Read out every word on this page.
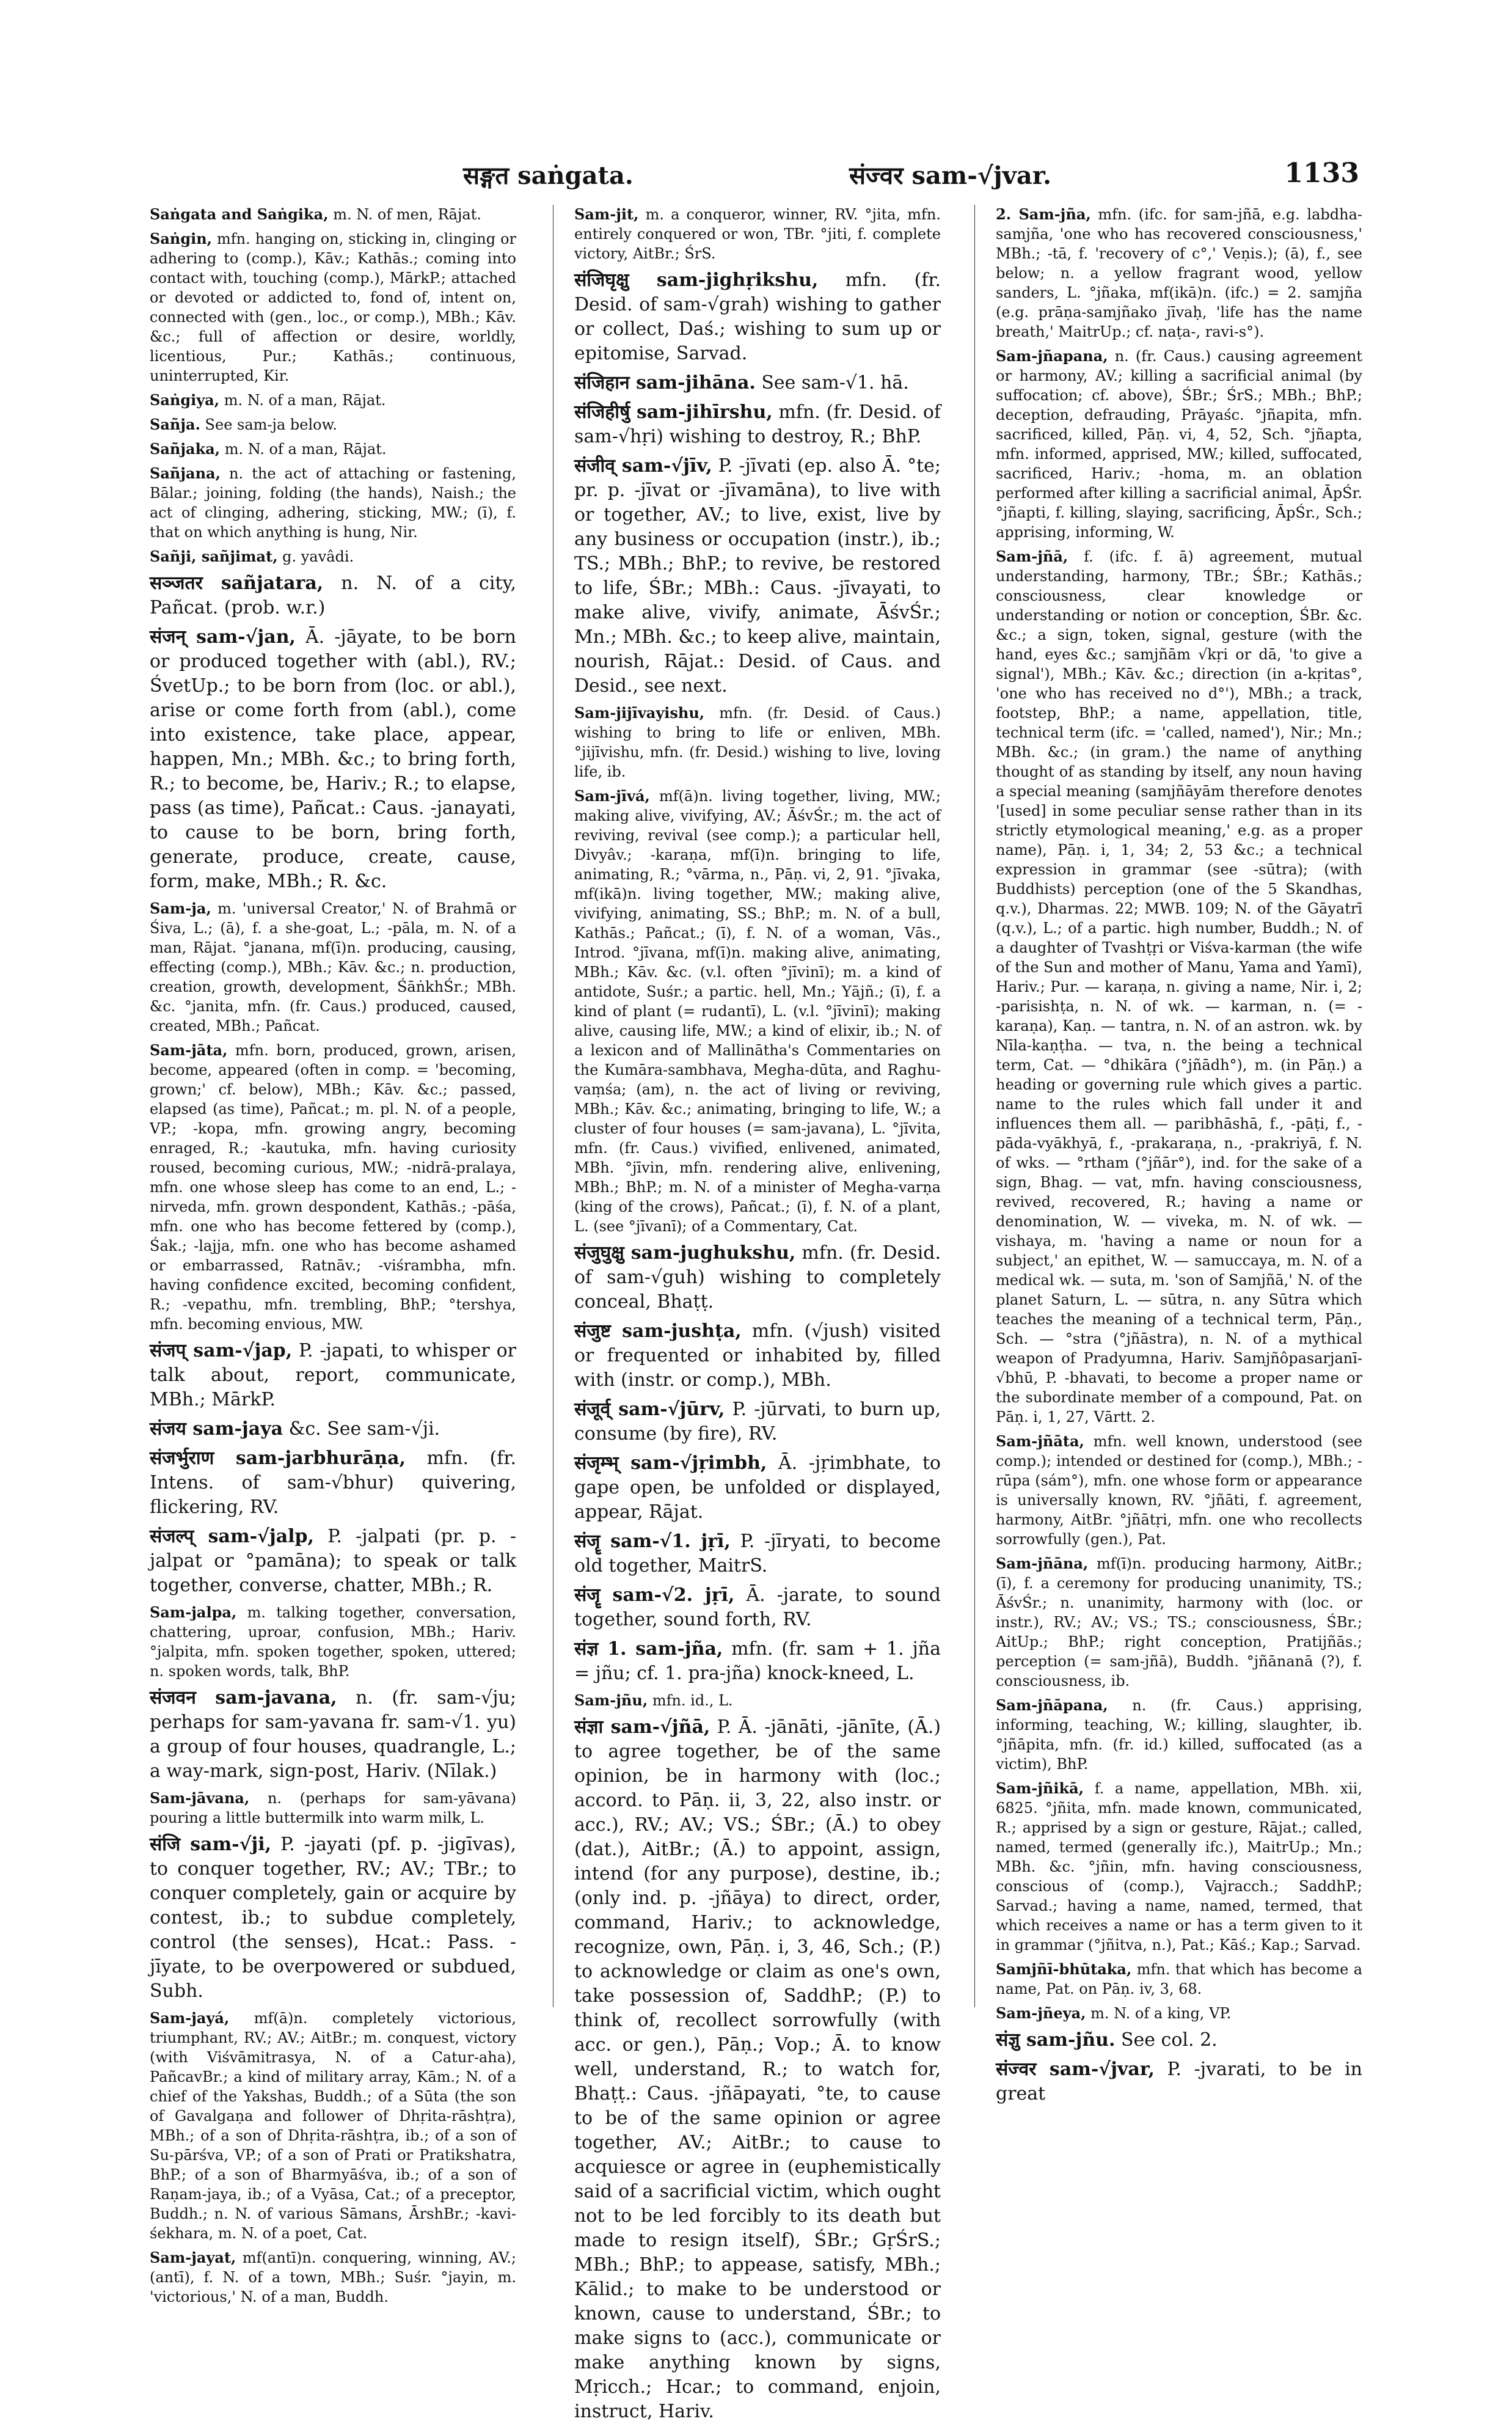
सङ्गत saṅgata.	संज्वर sam-√jvar.	1133

Saṅgata and Saṅgika, m. N. of men, Rājat.

Saṅgin, mfn. hanging on, sticking in, clinging or adhering to (comp.), Kāv.; Kathās.; coming into contact with, touching (comp.), MārkP.; attached or devoted or addicted to, fond of, intent on, connected with (gen., loc., or comp.), MBh.; Kāv. &c.; full of affection or desire, worldly, licentious, Pur.; Kathās.; continuous, uninterrupted, Kir.

Saṅgiya, m. N. of a man, Rājat.

Sañja. See sam-ja below.

Sañjaka, m. N. of a man, Rājat.

Sañjana, n. the act of attaching or fastening, Bālar.; joining, folding (the hands), Naish.; the act of clinging, adhering, sticking, MW.; (ī), f. that on which anything is hung, Nir.

Sañji, sañjimat, g. yavâdi.

सञ्जतर sañjatara, n. N. of a city, Pañcat. (prob. w.r.)

संजन् sam-√jan, Ā. -jāyate, to be born or produced together with (abl.), RV.; ŚvetUp.; to be born from (loc. or abl.), arise or come forth from (abl.), come into existence, take place, appear, happen, Mn.; MBh. &c.; to bring forth, R.; to become, be, Hariv.; R.; to elapse, pass (as time), Pañcat.: Caus. -janayati, to cause to be born, bring forth, generate, produce, create, cause, form, make, MBh.; R. &c.

Sam-ja, m. 'universal Creator,' N. of Brahmā or Śiva, L.; (ā), f. a she-goat, L.; -pāla, m. N. of a man, Rājat. °janana, mf(ī)n. producing, causing, effecting (comp.), MBh.; Kāv. &c.; n. production, creation, growth, development, ŚāṅkhŚr.; MBh. &c. °janita, mfn. (fr. Caus.) produced, caused, created, MBh.; Pañcat.

Sam-jāta, mfn. born, produced, grown, arisen, become, appeared (often in comp. = 'becoming, grown;' cf. below), MBh.; Kāv. &c.; passed, elapsed (as time), Pañcat.; m. pl. N. of a people, VP.; -kopa, mfn. growing angry, becoming enraged, R.; -kautuka, mfn. having curiosity roused, becoming curious, MW.; -nidrā-pralaya, mfn. one whose sleep has come to an end, L.; -nirveda, mfn. grown despondent, Kathās.; -pāśa, mfn. one who has become fettered by (comp.), Śak.; -lajja, mfn. one who has become ashamed or embarrassed, Ratnāv.; -viśrambha, mfn. having confidence excited, becoming confident, R.; -vepathu, mfn. trembling, BhP.; °tershya, mfn. becoming envious, MW.

संजप् sam-√jap, P. -japati, to whisper or talk about, report, communicate, MBh.; MārkP.

संजय sam-jaya &c. See sam-√ji.

संजर्भुराण sam-jarbhurāṇa, mfn. (fr. Intens. of sam-√bhur) quivering, flickering, RV.

संजल्प् sam-√jalp, P. -jalpati (pr. p. -jalpat or °pamāna); to speak or talk together, converse, chatter, MBh.; R.

Sam-jalpa, m. talking together, conversation, chattering, uproar, confusion, MBh.; Hariv. °jalpita, mfn. spoken together, spoken, uttered; n. spoken words, talk, BhP.

संजवन sam-javana, n. (fr. sam-√ju; perhaps for sam-yavana fr. sam-√1. yu) a group of four houses, quadrangle, L.; a way-mark, sign-post, Hariv. (Nīlak.)

Sam-jāvana, n. (perhaps for sam-yāvana) pouring a little buttermilk into warm milk, L.

संजि sam-√ji, P. -jayati (pf. p. -jigīvas), to conquer together, RV.; AV.; TBr.; to conquer completely, gain or acquire by contest, ib.; to subdue completely, control (the senses), Hcat.: Pass. -jīyate, to be overpowered or subdued, Subh.

Sam-jayá, mf(ā)n. completely victorious, triumphant, RV.; AV.; AitBr.; m. conquest, victory (with Viśvāmitrasya, N. of a Catur-aha), PañcavBr.; a kind of military array, Kām.; N. of a chief of the Yakshas, Buddh.; of a Sūta (the son of Gavalgaṇa and follower of Dhṛita-rāshṭra), MBh.; of a son of Dhṛita-rāshṭra, ib.; of a son of Su-pārśva, VP.; of a son of Prati or Pratikshatra, BhP.; of a son of Bharmyāśva, ib.; of a son of Raṇam-jaya, ib.; of a Vyāsa, Cat.; of a preceptor, Buddh.; n. N. of various Sāmans, ĀrshBr.; -kavi-śekhara, m. N. of a poet, Cat.

Sam-jayat, mf(antī)n. conquering, winning, AV.; (antī), f. N. of a town, MBh.; Suśr. °jayin, m. 'victorious,' N. of a man, Buddh.

Sam-jit, m. a conqueror, winner, RV. °jita, mfn. entirely conquered or won, TBr. °jiti, f. complete victory, AitBr.; ŚrS.

संजिघृक्षु sam-jighṛikshu, mfn. (fr. Desid. of sam-√grah) wishing to gather or collect, Daś.; wishing to sum up or epitomise, Sarvad.

संजिहान sam-jihāna. See sam-√1. hā.

संजिहीर्षु sam-jihīrshu, mfn. (fr. Desid. of sam-√hṛi) wishing to destroy, R.; BhP.

संजीव् sam-√jīv, P. -jīvati (ep. also Ā. °te; pr. p. -jīvat or -jīvamāna), to live with or together, AV.; to live, exist, live by any business or occupation (instr.), ib.; TS.; MBh.; BhP.; to revive, be restored to life, ŚBr.; MBh.: Caus. -jīvayati, to make alive, vivify, animate, ĀśvŚr.; Mn.; MBh. &c.; to keep alive, maintain, nourish, Rājat.: Desid. of Caus. and Desid., see next.

Sam-jijīvayishu, mfn. (fr. Desid. of Caus.) wishing to bring to life or enliven, MBh. °jijīvishu, mfn. (fr. Desid.) wishing to live, loving life, ib.

Sam-jīvá, mf(ā)n. living together, living, MW.; making alive, vivifying, AV.; ĀśvŚr.; m. the act of reviving, revival (see comp.); a particular hell, Divyâv.; -karaṇa, mf(ī)n. bringing to life, animating, R.; °vārma, n., Pāṇ. vi, 2, 91. °jīvaka, mf(ikā)n. living together, MW.; making alive, vivifying, animating, SS.; BhP.; m. N. of a bull, Kathās.; Pañcat.; (ī), f. N. of a woman, Vās., Introd. °jīvana, mf(ī)n. making alive, animating, MBh.; Kāv. &c. (v.l. often °jīvinī); m. a kind of antidote, Suśr.; a partic. hell, Mn.; Yājñ.; (ī), f. a kind of plant (= rudantī), L. (v.l. °jīvinī); making alive, causing life, MW.; a kind of elixir, ib.; N. of a lexicon and of Mallinātha's Commentaries on the Kumāra-sambhava, Megha-dūta, and Raghu-vaṃśa; (am), n. the act of living or reviving, MBh.; Kāv. &c.; animating, bringing to life, W.; a cluster of four houses (= sam-javana), L. °jīvita, mfn. (fr. Caus.) vivified, enlivened, animated, MBh. °jīvin, mfn. rendering alive, enlivening, MBh.; BhP.; m. N. of a minister of Megha-varṇa (king of the crows), Pañcat.; (ī), f. N. of a plant, L. (see °jīvanī); of a Commentary, Cat.

संजुघुक्षु sam-jughukshu, mfn. (fr. Desid. of sam-√guh) wishing to completely conceal, Bhaṭṭ.

संजुष्ट sam-jushṭa, mfn. (√jush) visited or frequented or inhabited by, filled with (instr. or comp.), MBh.

संजूर्व् sam-√jūrv, P. -jūrvati, to burn up, consume (by fire), RV.

संजृम्भ् sam-√jṛimbh, Ā. -jṛimbhate, to gape open, be unfolded or displayed, appear, Rājat.

संजॄ sam-√1. jṛī, P. -jīryati, to become old together, MaitrS.

संजॄ sam-√2. jṛī, Ā. -jarate, to sound together, sound forth, RV.

संज्ञ 1. sam-jña, mfn. (fr. sam + 1. jña = jñu; cf. 1. pra-jña) knock-kneed, L.

Sam-jñu, mfn. id., L.

संज्ञा sam-√jñā, P. Ā. -jānāti, -jānīte, (Ā.) to agree together, be of the same opinion, be in harmony with (loc.; accord. to Pāṇ. ii, 3, 22, also instr. or acc.), RV.; AV.; VS.; ŚBr.; (Ā.) to obey (dat.), AitBr.; (Ā.) to appoint, assign, intend (for any purpose), destine, ib.; (only ind. p. -jñāya) to direct, order, command, Hariv.; to acknowledge, recognize, own, Pāṇ. i, 3, 46, Sch.; (P.) to acknowledge or claim as one's own, take possession of, SaddhP.; (P.) to think of, recollect sorrowfully (with acc. or gen.), Pāṇ.; Vop.; Ā. to know well, understand, R.; to watch for, Bhaṭṭ.: Caus. -jñāpayati, °te, to cause to be of the same opinion or agree together, AV.; AitBr.; to cause to acquiesce or agree in (euphemistically said of a sacrificial victim, which ought not to be led forcibly to its death but made to resign itself), ŚBr.; GṛŚrS.; MBh.; BhP.; to appease, satisfy, MBh.; Kālid.; to make to be understood or known, cause to understand, ŚBr.; to make signs to (acc.), communicate or make anything known by signs, Mṛicch.; Hcar.; to command, enjoin, instruct, Hariv.

2. Sam-jña, mfn. (ifc. for sam-jñā, e.g. labdha-samjña, 'one who has recovered consciousness,' MBh.; -tā, f. 'recovery of c°,' Veṇis.); (ā), f., see below; n. a yellow fragrant wood, yellow sanders, L. °jñaka, mf(ikā)n. (ifc.) = 2. samjña (e.g. prāṇa-samjñako jīvaḥ, 'life has the name breath,' MaitrUp.; cf. naṭa-, ravi-s°).

Sam-jñapana, n. (fr. Caus.) causing agreement or harmony, AV.; killing a sacrificial animal (by suffocation; cf. above), ŚBr.; ŚrS.; MBh.; BhP.; deception, defrauding, Prāyaśc. °jñapita, mfn. sacrificed, killed, Pāṇ. vi, 4, 52, Sch. °jñapta, mfn. informed, apprised, MW.; killed, suffocated, sacrificed, Hariv.; -homa, m. an oblation performed after killing a sacrificial animal, ĀpŚr. °jñapti, f. killing, slaying, sacrificing, ĀpŚr., Sch.; apprising, informing, W.

Sam-jñā, f. (ifc. f. ā) agreement, mutual understanding, harmony, TBr.; ŚBr.; Kathās.; consciousness, clear knowledge or understanding or notion or conception, ŚBr. &c. &c.; a sign, token, signal, gesture (with the hand, eyes &c.; samjñām √kṛi or dā, 'to give a signal'), MBh.; Kāv. &c.; direction (in a-kṛitas°, 'one who has received no d°'), MBh.; a track, footstep, BhP.; a name, appellation, title, technical term (ifc. = 'called, named'), Nir.; Mn.; MBh. &c.; (in gram.) the name of anything thought of as standing by itself, any noun having a special meaning (samjñāyām therefore denotes '[used] in some peculiar sense rather than in its strictly etymological meaning,' e.g. as a proper name), Pāṇ. i, 1, 34; 2, 53 &c.; a technical expression in grammar (see -sūtra); (with Buddhists) perception (one of the 5 Skandhas, q.v.), Dharmas. 22; MWB. 109; N. of the Gāyatrī (q.v.), L.; of a partic. high number, Buddh.; N. of a daughter of Tvashṭṛi or Viśva-karman (the wife of the Sun and mother of Manu, Yama and Yamī), Hariv.; Pur. — karaṇa, n. giving a name, Nir. i, 2; -parisishṭa, n. N. of wk. — karman, n. (= -karaṇa), Kaṇ. — tantra, n. N. of an astron. wk. by Nīla-kaṇṭha. — tva, n. the being a technical term, Cat. — °dhikāra (°jñādh°), m. (in Pāṇ.) a heading or governing rule which gives a partic. name to the rules which fall under it and influences them all. — paribhāshā, f., -pāṭi, f., -pāda-vyākhyā, f., -prakaraṇa, n., -prakriyā, f. N. of wks. — °rtham (°jñār°), ind. for the sake of a sign, Bhag. — vat, mfn. having consciousness, revived, recovered, R.; having a name or denomination, W. — viveka, m. N. of wk. — vishaya, m. 'having a name or noun for a subject,' an epithet, W. — samuccaya, m. N. of a medical wk. — suta, m. 'son of Samjñā,' N. of the planet Saturn, L. — sūtra, n. any Sūtra which teaches the meaning of a technical term, Pāṇ., Sch. — °stra (°jñāstra), n. N. of a mythical weapon of Pradyumna, Hariv. Samjñôpasarjanī-√bhū, P. -bhavati, to become a proper name or the subordinate member of a compound, Pat. on Pāṇ. i, 1, 27, Vārtt. 2.

Sam-jñāta, mfn. well known, understood (see comp.); intended or destined for (comp.), MBh.; -rūpa (sám°), mfn. one whose form or appearance is universally known, RV. °jñāti, f. agreement, harmony, AitBr. °jñātṛi, mfn. one who recollects sorrowfully (gen.), Pat.

Sam-jñāna, mf(ī)n. producing harmony, AitBr.; (ī), f. a ceremony for producing unanimity, TS.; ĀśvŚr.; n. unanimity, harmony with (loc. or instr.), RV.; AV.; VS.; TS.; consciousness, ŚBr.; AitUp.; BhP.; right conception, Pratijñās.; perception (= sam-jñā), Buddh. °jñānanā (?), f. consciousness, ib.

Sam-jñāpana, n. (fr. Caus.) apprising, informing, teaching, W.; killing, slaughter, ib. °jñāpita, mfn. (fr. id.) killed, suffocated (as a victim), BhP.

Sam-jñikā, f. a name, appellation, MBh. xii, 6825. °jñita, mfn. made known, communicated, R.; apprised by a sign or gesture, Rājat.; called, named, termed (generally ifc.), MaitrUp.; Mn.; MBh. &c. °jñin, mfn. having consciousness, conscious of (comp.), Vajracch.; SaddhP.; Sarvad.; having a name, named, termed, that which receives a name or has a term given to it in grammar (°jñitva, n.), Pat.; Kāś.; Kap.; Sarvad.

Samjñī-bhūtaka, mfn. that which has become a name, Pat. on Pāṇ. iv, 3, 68.

Sam-jñeya, m. N. of a king, VP.

संज्ञु sam-jñu. See col. 2.

संज्वर sam-√jvar, P. -jvarati, to be in great
